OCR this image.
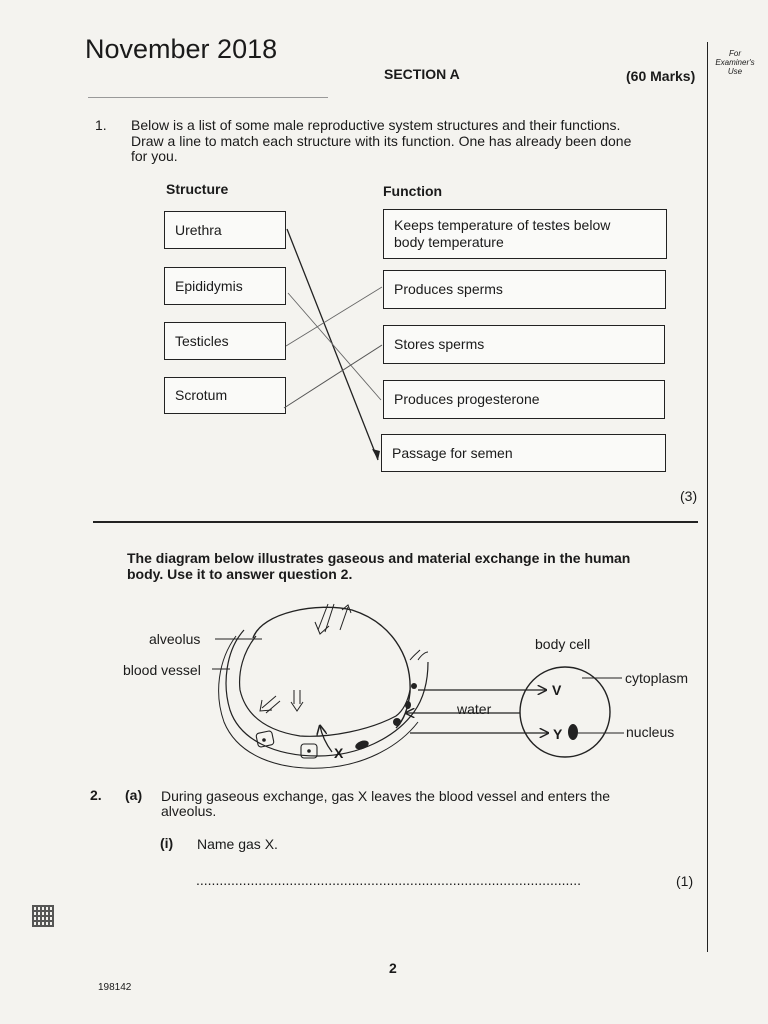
November 2018
SECTION A	(60 Marks)
For Examiner's Use
1. Below is a list of some male reproductive system structures and their functions.
Draw a line to match each structure with its function. One has already been done
for you.
Structure	Function
Urethra
Epididymis
Testicles
Scrotum
Keeps temperature of testes below
body temperature
Produces sperms
Stores sperms
Produces progesterone
Passage for semen
(3)
The diagram below illustrates gaseous and material exchange in the human
body. Use it to answer question 2.
alveolus
blood vessel
body cell
cytoplasm
nucleus
water
X
V
Y
2. (a) During gaseous exchange, gas X leaves the blood vessel and enters the
alveolus.
(i) Name gas X.
...................................................................................................	(1)
2
198142
